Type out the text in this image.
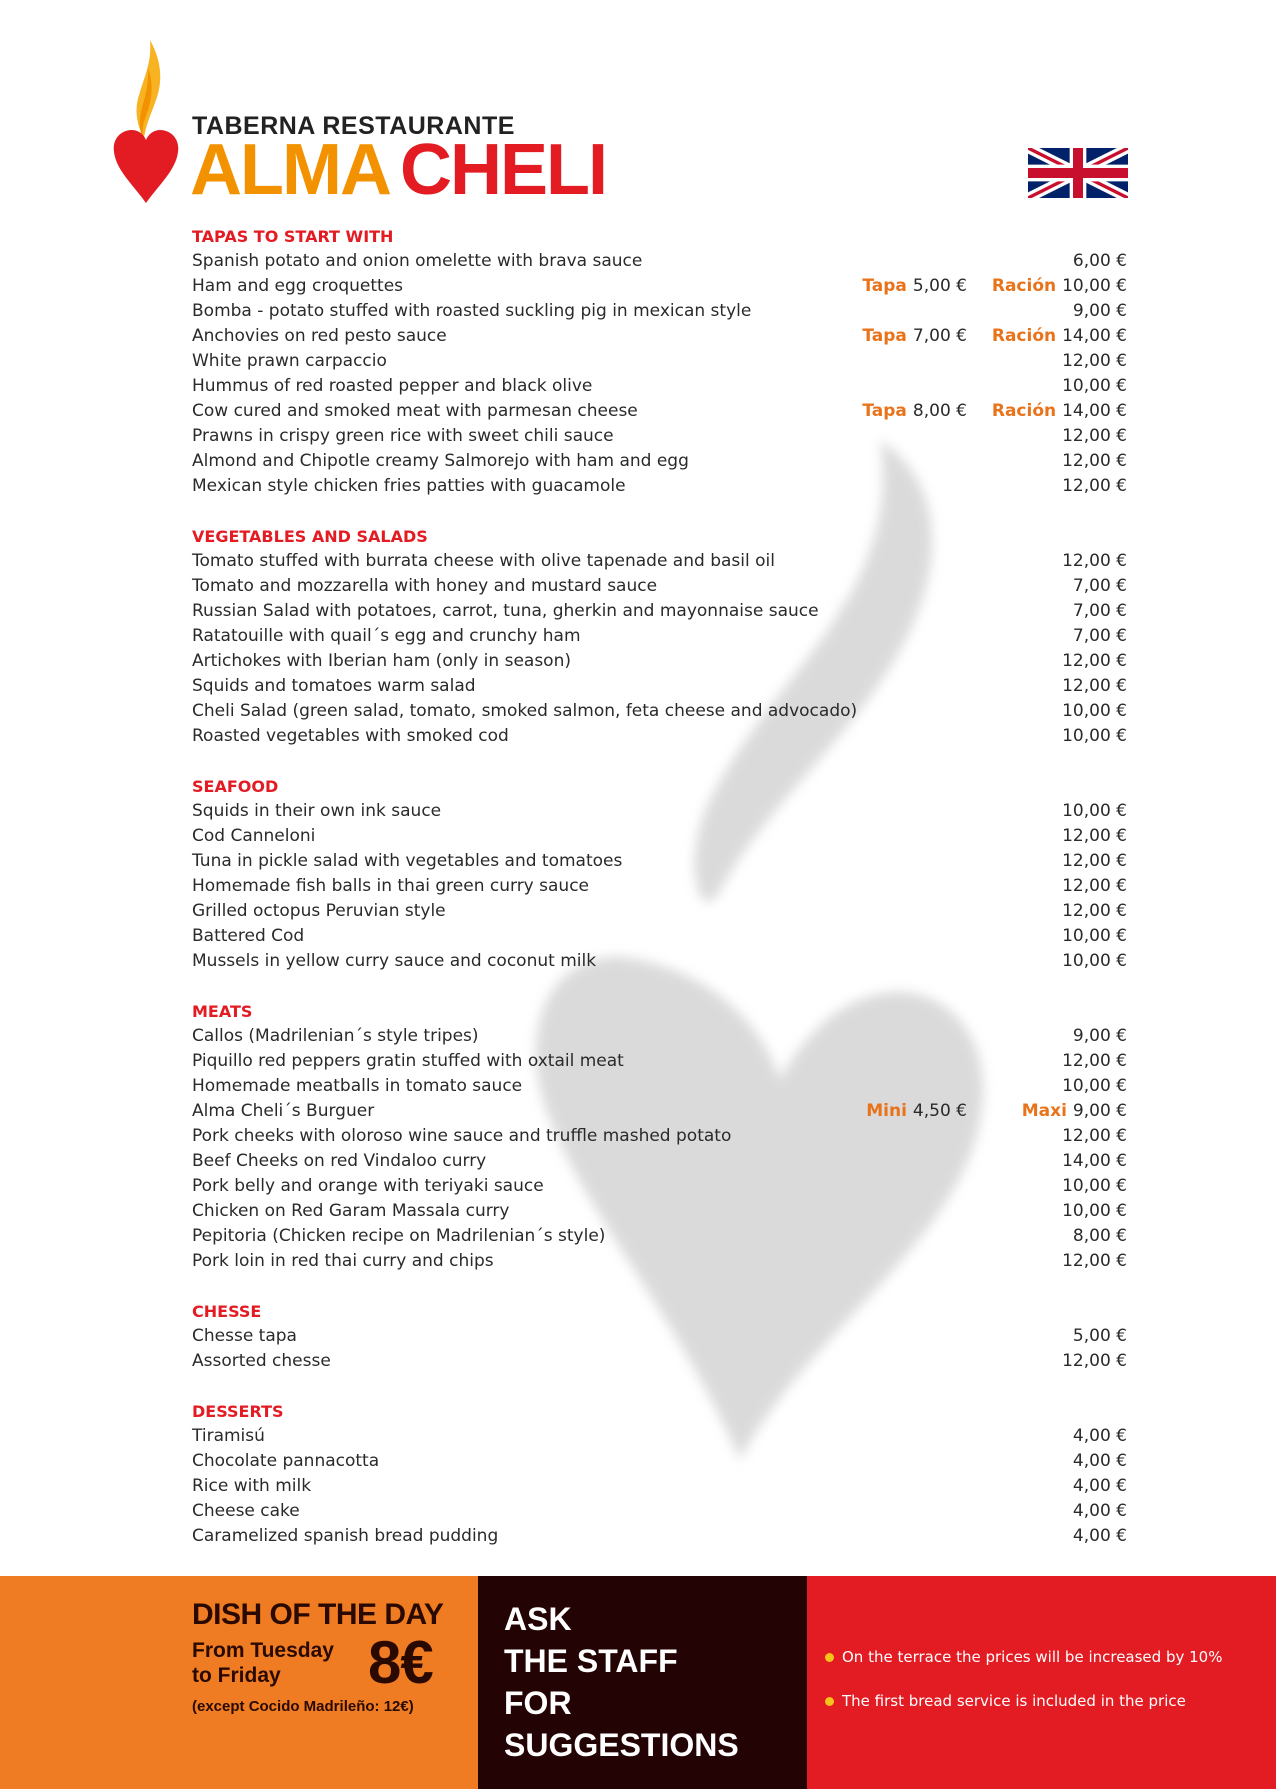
TABERNA RESTAURANTE
ALMA CHELI
TAPAS TO START WITH
Spanish potato and onion omelette with brava sauce	6,00 €
Ham and egg croquettes	Tapa 5,00 € Ración 10,00 €
Bomba - potato stuffed with roasted suckling pig in mexican style	9,00 €
Anchovies on red pesto sauce	Tapa 7,00 € Ración 14,00 €
White prawn carpaccio	12,00 €
Hummus of red roasted pepper and black olive	10,00 €
Cow cured and smoked meat with parmesan cheese	Tapa 8,00 € Ración 14,00 €
Prawns in crispy green rice with sweet chili sauce	12,00 €
Almond and Chipotle creamy Salmorejo with ham and egg	12,00 €
Mexican style chicken fries patties with guacamole	12,00 €
VEGETABLES AND SALADS
Tomato stuffed with burrata cheese with olive tapenade and basil oil	12,00 €
Tomato and mozzarella with honey and mustard sauce	7,00 €
Russian Salad with potatoes, carrot, tuna, gherkin and mayonnaise sauce	7,00 €
Ratatouille with quail´s egg and crunchy ham	7,00 €
Artichokes with Iberian ham (only in season)	12,00 €
Squids and tomatoes warm salad	12,00 €
Cheli Salad (green salad, tomato, smoked salmon, feta cheese and advocado)	10,00 €
Roasted vegetables with smoked cod	10,00 €
SEAFOOD
Squids in their own ink sauce	10,00 €
Cod Canneloni	12,00 €
Tuna in pickle salad with vegetables and tomatoes	12,00 €
Homemade fish balls in thai green curry sauce	12,00 €
Grilled octopus Peruvian style	12,00 €
Battered Cod	10,00 €
Mussels in yellow curry sauce and coconut milk	10,00 €
MEATS
Callos (Madrilenian´s style tripes)	9,00 €
Piquillo red peppers gratin stuffed with oxtail meat	12,00 €
Homemade meatballs in tomato sauce	10,00 €
Alma Cheli´s Burguer	Mini 4,50 €	Maxi 9,00 €
Pork cheeks with oloroso wine sauce and truffle mashed potato	12,00 €
Beef Cheeks on red Vindaloo curry	14,00 €
Pork belly and orange with teriyaki sauce	10,00 €
Chicken on Red Garam Massala curry	10,00 €
Pepitoria (Chicken recipe on Madrilenian´s style)	8,00 €
Pork loin in red thai curry and chips	12,00 €
CHESSE
Chesse tapa	5,00 €
Assorted chesse	12,00 €
DESSERTS
Tiramisú	4,00 €
Chocolate pannacotta	4,00 €
Rice with milk	4,00 €
Cheese cake	4,00 €
Caramelized spanish bread pudding	4,00 €
DISH OF THE DAY
From Tuesday
to Friday	8€
(except Cocido Madrileño: 12€)
ASK
THE STAFF
FOR SUGGESTIONS
On the terrace the prices will be increased by 10%
The first bread service is included in the price
